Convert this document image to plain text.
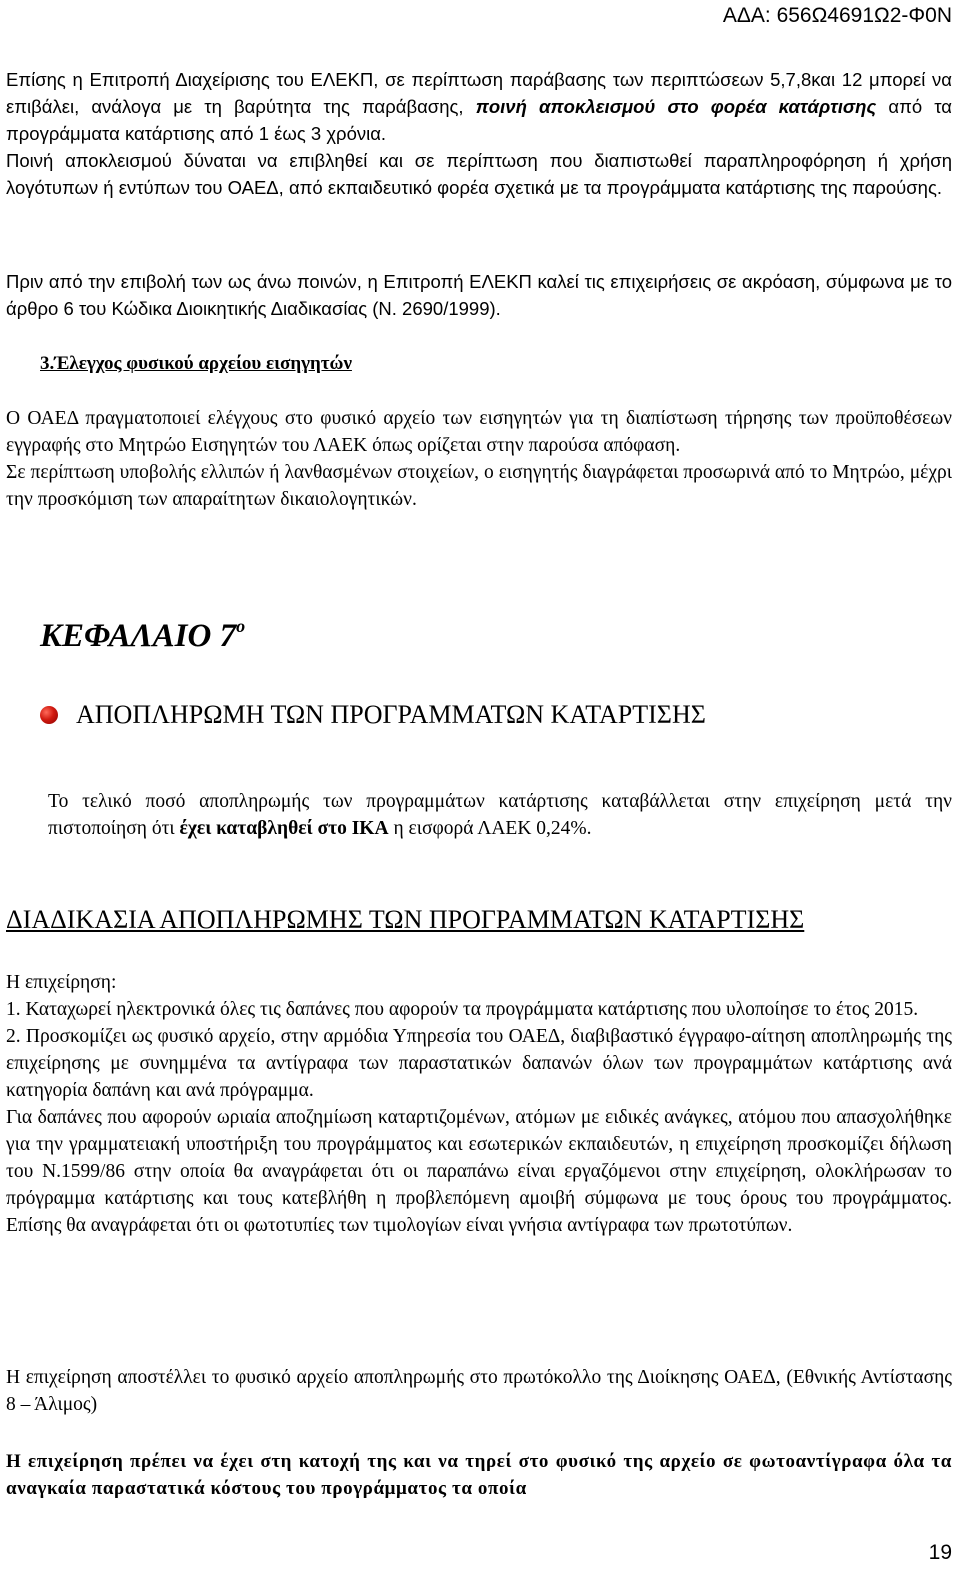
ΑΔΑ: 656Ω4691Ω2-Φ0Ν

Επίσης η Επιτροπή Διαχείρισης του ΕΛΕΚΠ, σε περίπτωση παράβασης των περιπτώσεων 5,7,8και 12 μπορεί να επιβάλει, ανάλογα με τη βαρύτητα της παράβασης, ποινή αποκλεισμού στο φορέα κατάρτισης από τα προγράμματα κατάρτισης από 1 έως 3 χρόνια.
Ποινή αποκλεισμού δύναται να επιβληθεί και σε περίπτωση που διαπιστωθεί παραπληροφόρηση ή χρήση λογότυπων ή εντύπων του ΟΑΕΔ, από εκπαιδευτικό φορέα σχετικά με τα προγράμματα κατάρτισης της παρούσης.

Πριν από την επιβολή των ως άνω ποινών, η Επιτροπή ΕΛΕΚΠ καλεί τις επιχειρήσεις σε ακρόαση, σύμφωνα με το άρθρο 6 του Κώδικα Διοικητικής Διαδικασίας (Ν. 2690/1999).

3.Έλεγχος φυσικού αρχείου εισηγητών

Ο ΟΑΕΔ πραγματοποιεί ελέγχους στο φυσικό αρχείο των εισηγητών για τη διαπίστωση τήρησης των προϋποθέσεων εγγραφής στο Μητρώο Εισηγητών του ΛΑΕΚ όπως ορίζεται στην παρούσα απόφαση.
Σε περίπτωση υποβολής ελλιπών ή λανθασμένων στοιχείων, ο εισηγητής διαγράφεται προσωρινά από το Μητρώο, μέχρι την προσκόμιση των απαραίτητων δικαιολογητικών.

ΚΕΦΑΛΑΙΟ $7^o$

ΑΠΟΠΛΗΡΩΜΗ ΤΩΝ ΠΡΟΓΡΑΜΜΑΤΩΝ ΚΑΤΑΡΤΙΣΗΣ

Το τελικό ποσό αποπληρωμής των προγραμμάτων κατάρτισης καταβάλλεται στην επιχείρηση μετά την πιστοποίηση ότι έχει καταβληθεί στο ΙΚΑ η εισφορά ΛΑΕΚ 0,24%.

ΔΙΑΔΙΚΑΣΙΑ ΑΠΟΠΛΗΡΩΜΗΣ ΤΩΝ ΠΡΟΓΡΑΜΜΑΤΩΝ ΚΑΤΑΡΤΙΣΗΣ

Η επιχείρηση:
1. Καταχωρεί ηλεκτρονικά όλες τις δαπάνες που αφορούν τα προγράμματα κατάρτισης που υλοποίησε το έτος 2015.
2. Προσκομίζει ως φυσικό αρχείο, στην αρμόδια Υπηρεσία του ΟΑΕΔ, διαβιβαστικό έγγραφο-αίτηση αποπληρωμής της επιχείρησης με συνημμένα τα αντίγραφα των παραστατικών δαπανών όλων των προγραμμάτων κατάρτισης ανά κατηγορία δαπάνη και ανά πρόγραμμα.
Για δαπάνες που αφορούν ωριαία αποζημίωση καταρτιζομένων, ατόμων με ειδικές ανάγκες, ατόμου που απασχολήθηκε για την γραμματειακή υποστήριξη του προγράμματος και εσωτερικών εκπαιδευτών, η επιχείρηση προσκομίζει δήλωση του Ν.1599/86 στην οποία θα αναγράφεται ότι οι παραπάνω είναι εργαζόμενοι στην επιχείρηση, ολοκλήρωσαν το πρόγραμμα κατάρτισης και τους κατεβλήθη η προβλεπόμενη αμοιβή σύμφωνα με τους όρους του προγράμματος. Επίσης θα αναγράφεται ότι οι φωτοτυπίες των τιμολογίων είναι γνήσια αντίγραφα των πρωτοτύπων.

Η επιχείρηση αποστέλλει το φυσικό αρχείο αποπληρωμής στο πρωτόκολλο της Διοίκησης ΟΑΕΔ, (Εθνικής Αντίστασης 8 – Άλιμος)

Η επιχείρηση πρέπει να έχει στη κατοχή της και να τηρεί στο φυσικό της αρχείο σε φωτοαντίγραφα όλα τα αναγκαία παραστατικά κόστους του προγράμματος τα οποία

19
